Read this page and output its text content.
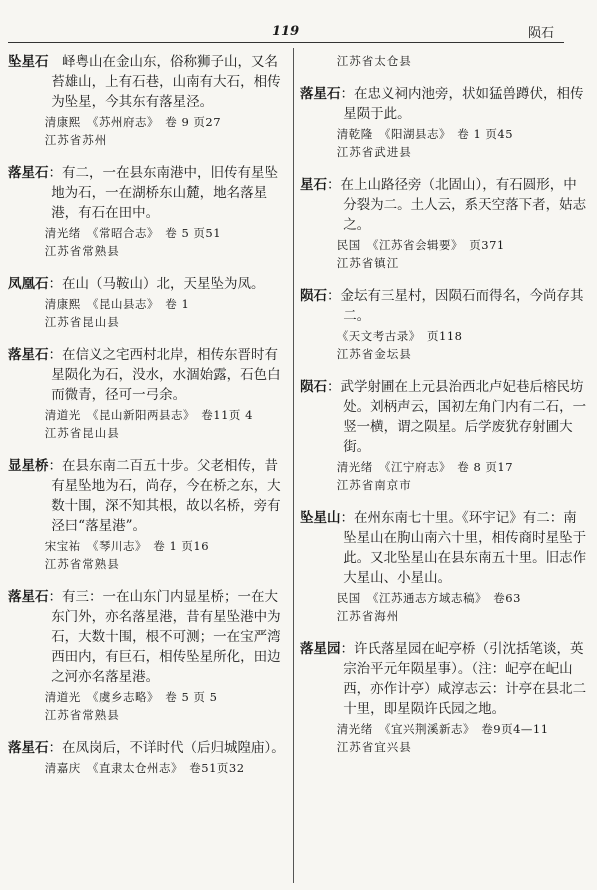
119	陨石

坠星石　峄粤山在金山东，俗称狮子山，又名苔雄山，上有石巷，山南有大石，相传为坠星，今其东有落星泾。

清康熙　《苏州府志》　卷 9 页27
江苏省苏州

落星石：有二，一在县东南港中，旧传有星坠地为石，一在湖桥东山麓，地名落星港，有石在田中。

清光绪　《常昭合志》　卷 5 页51
江苏省常熟县

凤凰石：在山（马鞍山）北，天星坠为凤。

清康熙　《昆山县志》　卷 1
江苏省昆山县

落星石：在信义之宅西村北岸，相传东晋时有星陨化为石，没水，水涸始露，石色白而微青，径可一弓余。

清道光　《昆山新阳两县志》　卷11页 4
江苏省昆山县

显星桥：在县东南二百五十步。父老相传，昔有星坠地为石，尚存，今在桥之东，大数十围，深不知其根，故以名桥，旁有泾曰“落星港”。

宋宝祐　《琴川志》　卷 1 页16
江苏省常熟县

落星石：有三：一在山东门内显星桥；一在大东门外，亦名落星港，昔有星坠港中为石，大数十围，根不可测；一在宝严湾西田内，有巨石，相传坠星所化，田边之河亦名落星港。

清道光　《虞乡志略》　卷 5 页 5
江苏省常熟县

落星石：在凤岗后，不详时代（后归城隍庙）。

清嘉庆　《直隶太仓州志》　卷51页32
江苏省太仓县

落星石：在忠义祠内池旁，状如猛兽蹲伏，相传星陨于此。

清乾隆　《阳湖县志》　卷 1 页45
江苏省武进县

星石：在上山路径旁（北固山），有石圆形，中分裂为二。土人云，系天空落下者，姑志之。

民国　《江苏省会辑要》　页371
江苏省镇江

陨石：金坛有三星村，因陨石而得名，今尚存其二。

《天文考古录》　页118
江苏省金坛县

陨石：武学射圃在上元县治西北卢妃巷后榕民坊处。刘柄声云，国初左角门内有二石，一竖一横，谓之陨星。后学废犹存射圃大街。

清光绪　《江宁府志》　卷 8 页17
江苏省南京市

坠星山：在州东南七十里。《环宇记》有二：南坠星山在朐山南六十里，相传商时星坠于此。又北坠星山在县东南五十里。旧志作大星山、小星山。

民国　《江苏通志方域志稿》　卷63
江苏省海州

落星园：许氏落星园在屺亭桥（引沈括笔谈，英宗治平元年陨星事）。（注：屺亭在屺山西，亦作计亭）咸淳志云：计亭在县北二十里，即星陨许氏园之地。

清光绪　《宜兴荆溪新志》　卷9页4—11
江苏省宜兴县
